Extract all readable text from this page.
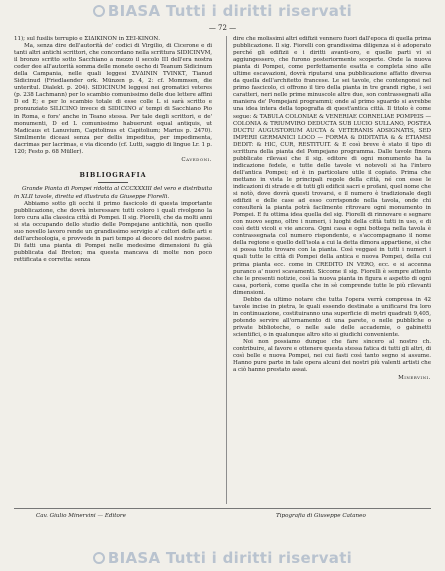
BIASA Tutti i diritti riservati
— 72 —

11); sul fusilis terrupio e ΣΙΔΙΚΙΝΟΝ in ΣΕΙ-ΚΙΝΟΝ.

Ma, senza dire dell'autorità de' codici di Virgilio, di Cicerone e di tanti altri antichi scrittori, che concordano nella scrittura SIDICINVM, il bronzo scritto sotto Sacchiano a mezzo il secolo III dell'era nostra ceder dee all'autorità somma delle monete oscho di Teanum Sidicinum della Campania, nelle quali leggesi ΣVΔΙΝΙΝ ΤVΙΝΚΤ, Tianud Sidicinud (Friedlaender ork. Münzen p. 4, 2: cf. Mommsen, die unteritul. Dialekt. p. 204). SIDICINUM leggesi nei gromatici veteres (p. 238 Lachmann) per lo scambio comunissimo delle due lettere affini D ed E; e per lo scambio totale di esse colle L si sarà scritto e pronunziato SILICINO invece di SIDICINO a' tempi di Sacchiano Pio in Roma, e fors' anche in Teano stessa. Per tale degli scrittori, e de' monumenti, D ed L comunissimo habuerunt equal antiquis, ut Madicaus et Lanuvium, Capitolinus et Capitolium; Marius p. 2470). Similmente diceasi senza per dellis impeditus, per impedimenta, dacrimas per lacrimas, e via dicendo (cf. Lutti, saggio di lingue Lr. 1 p. 120; Festo p. 68 Müller).

Cavedoni.

BIBLIOGRAFIA

Grande Pianta di Pompei ridotta al CCCXXXIII del vero e distribuita in XLII tavole, diretta ed illustrata da Giuseppe Fiorelli.

Abbiamo sotto gli occhi il primo fascicolo di questa importante pubblicazione, che dovrà interessare tutti coloro i quali rivolgono la loro cura alla classica città di Pompei. Il sig. Fiorelli, che da molti anni si sta occupando dello studio delle Pompejane antichità, non quello suo novello lavoro rende un grandissimo servigio a' cultori delle arti e dell'archeologia, e provvede in pari tempo al decoro del nostro paese. Di fatti una pianta di Pompei nelle medesime dimensioni fu già pubblicata dal Breton; ma questa mancava di molte non poco rettificata e corretta: senza

dire che molissimi altri edifizii vennero fuori dall'epoca di quella prima pubblicazione. Il sig. Fiorelli con grandissima diligenza si è adoperato perché gli edifizii e i diritti avanti-oro, e quelle parti vi si aggiungessero, che furono posteriormente scoperte. Onde la nuova pianta di Pompei, come perfettamente esatta e completa sino alle ultime escavazioni, dovrà riputarsi una pubblicazione affatto diversa da quella dell'architetto francese. Le sei tavole, che contengonsi nel primo fascicolo, ci offrono il tiro della pianta in tre grandi righe, i sei caratteri, neri nelle prime minuscole altre due, son contrassegnati alla maniera de' Pompejani programmi; onde al primo sguardo si avrebbe una idea intera della topografia di quest'antica città. Il titolo è come segue: & TABULA COLONIAE & VENERIAE CORNELIAE POMPEIS — COLONIA & TRIUMVIRO DEDUCTA SUB LUCIO SULLANO, POSTEA DUCTU AUGUSTORUM AUCTA & VETERANIS ADSIGNATIS, SED IMPERII GERMANICI LOCO — FORMA & DIDITATIA & & ETIAMSI DEDIT: & HIC, CUR, RESTITUIT. & E così breve è stato il tipo di scrittura della pianta del Pompejano programma. Dalle tavole finora pubblicate rilevasi che il sig. editore di ogni monumento ha la indicazione fedele, e tutte delle tavole vi notevoli si ha l'intero dell'antica Pompei; ed è in particolare utile il copiato. Prima che mettano in vista le principali regole della città, né con esse le indicazioni di strade e di tutti gli edificii sacri e profani, quel nome che si notò, dove dovrà questi trovarsi, e il numero è tradizionale degli edifizii e delle case ad esso corrisponde nella tavola, onde chi consulterà la pianta potrà facilmente ritrovare ogni monumento in Pompei. E fu ottima idea quella del sig. Fiorelli di rinnovare e segnare con nuovo segno, oltre i numeri, i luoghi della città tutti in uso, e di così detti vicoli e vie ancora. Ogni casa e ogni bottega nella tavola è contrassegnata col numero rispondente, e s'accompagnano il nome della regione e quello dell'isola a cui la detta dimora appartiene, sì che si possa tutto trovare con la pianta. Così veggasi in tutti i numeri i quali tutte le città di Pompei della antica e nuova Pompei, della cui prima pianta ecc. come in CREDITO IN VERO, ecc. e si accenna puranco a' nuovi scavamenti. Siccome il sig. Fiorelli è sempre attento che le presenti notizie, così la nuova pianta in figura e aspetto di ogni casa, porterà, come quella che in sè comprende tutte le più rilevanti dimensioni.

Debbo da ultimo notare che tutta l'opera verrà compresa in 42 tavole incise in pietra, le quali essendo destinate a unificarsi fra loro in continuazione, costituiranno una superficie di metri quadrati 9,405, potendo servire all'ornamento di una parete, o nelle pubbliche o private biblioteche, o nelle sale delle accademie, o gabinetti scientifici, o in qualunque altro sito si giudichi conveniente.

Noi non possiamo dunque che fare sincero al nostro ch. contribuire, al favore e ottenere questa stessa fatica di tutti gli altri, di così belle e nuova Pompei, nei cui fasti così tanto segno si assume. Hanno pure parte in tale opera alcuni dei nostri più valenti artisti che a ciò hanno prestato assai.

Minervini.

Cav. Giulio Minervini — Editore	Tipografia di Giuseppe Cataneo
BIASA Tutti i diritti riservati
